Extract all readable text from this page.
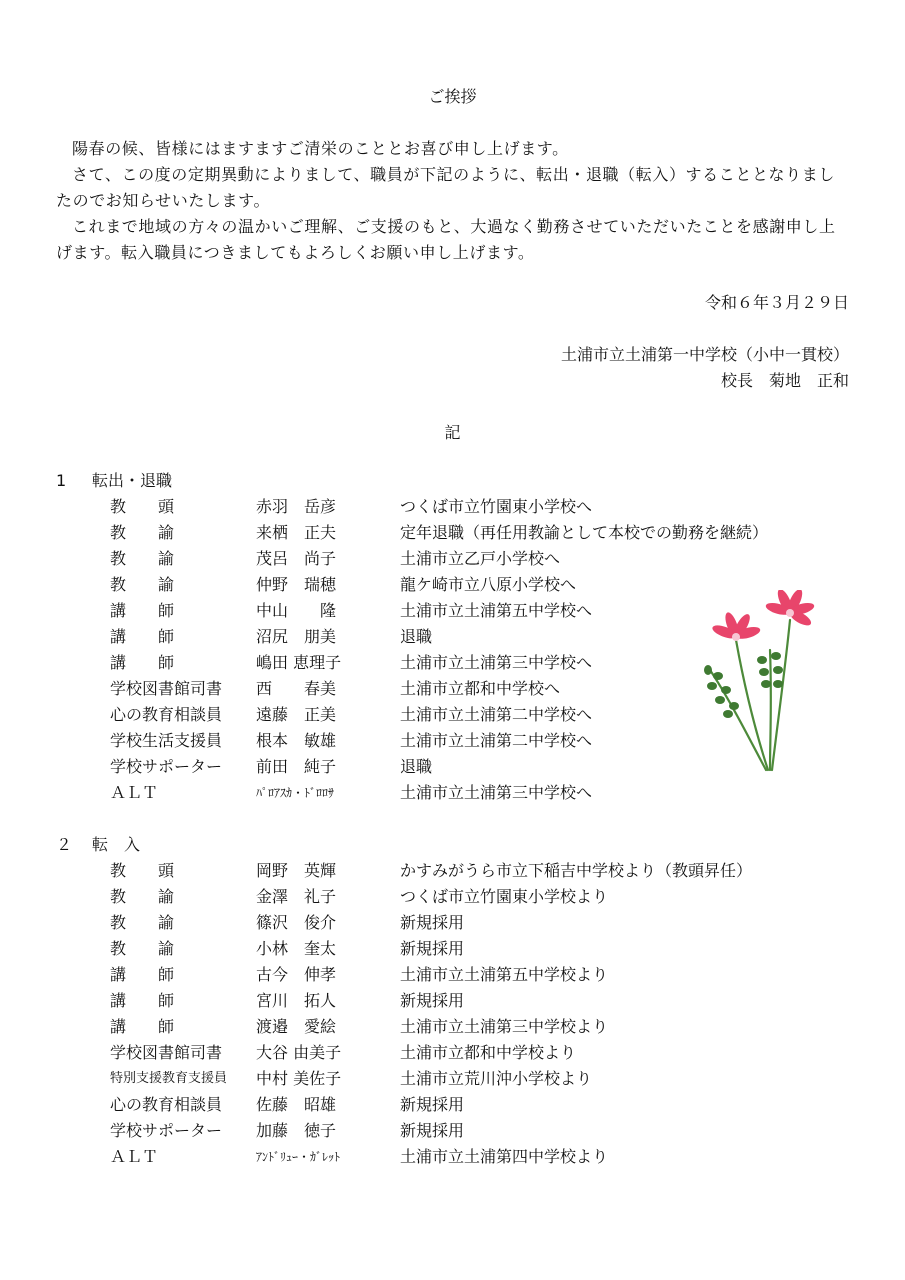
ご挨拶
陽春の候、皆様にはますますご清栄のこととお喜び申し上げます。
さて、この度の定期異動によりまして、職員が下記のように、転出・退職（転入）することとなりましたのでお知らせいたします。
これまで地域の方々の温かいご理解、ご支援のもと、大過なく勤務させていただいたことを感謝申し上げます。転入職員につきましてもよろしくお願い申し上げます。
令和６年３月２９日
土浦市立土浦第一中学校（小中一貫校）
校長　菊地　正和
記
1 転出・退職
教　　頭	赤羽　岳彦	つくば市立竹園東小学校へ
教　　諭	来栖　正夫	定年退職（再任用教諭として本校での勤務を継続）
教　　諭	茂呂　尚子	土浦市立乙戸小学校へ
教　　諭	仲野　瑞穂	龍ケ崎市立八原小学校へ
講　　師	中山　　隆	土浦市立土浦第五中学校へ
講　　師	沼尻　朋美	退職
講　　師	嶋田 恵理子	土浦市立土浦第三中学校へ
学校図書館司書 西　　春美	土浦市立都和中学校へ
心の教育相談員 遠藤　正美	土浦市立土浦第二中学校へ
学校生活支援員 根本　敏雄	土浦市立土浦第二中学校へ
学校サポーター 前田　純子	退職
ＡＬＴ	ﾊﾟﾛｱｽｶ・ﾄﾞﾛﾛｻ	土浦市立土浦第三中学校へ
２ 転　入
教　　頭	岡野　英輝	かすみがうら市立下稲吉中学校より（教頭昇任）
教　　諭	金澤　礼子	つくば市立竹園東小学校より
教　　諭	篠沢　俊介	新規採用
教　　諭	小林　奎太	新規採用
講　　師	古今　伸孝	土浦市立土浦第五中学校より
講　　師	宮川　拓人	新規採用
講　　師	渡邉　愛絵	土浦市立土浦第三中学校より
学校図書館司書 大谷 由美子	土浦市立都和中学校より
特別支援教育支援員 中村 美佐子	土浦市立荒川沖小学校より
心の教育相談員 佐藤　昭雄	新規採用
学校サポーター 加藤　徳子	新規採用
ＡＬＴ	ｱﾝﾄﾞﾘｭｰ・ｶﾞﾚｯﾄ	土浦市立土浦第四中学校より
